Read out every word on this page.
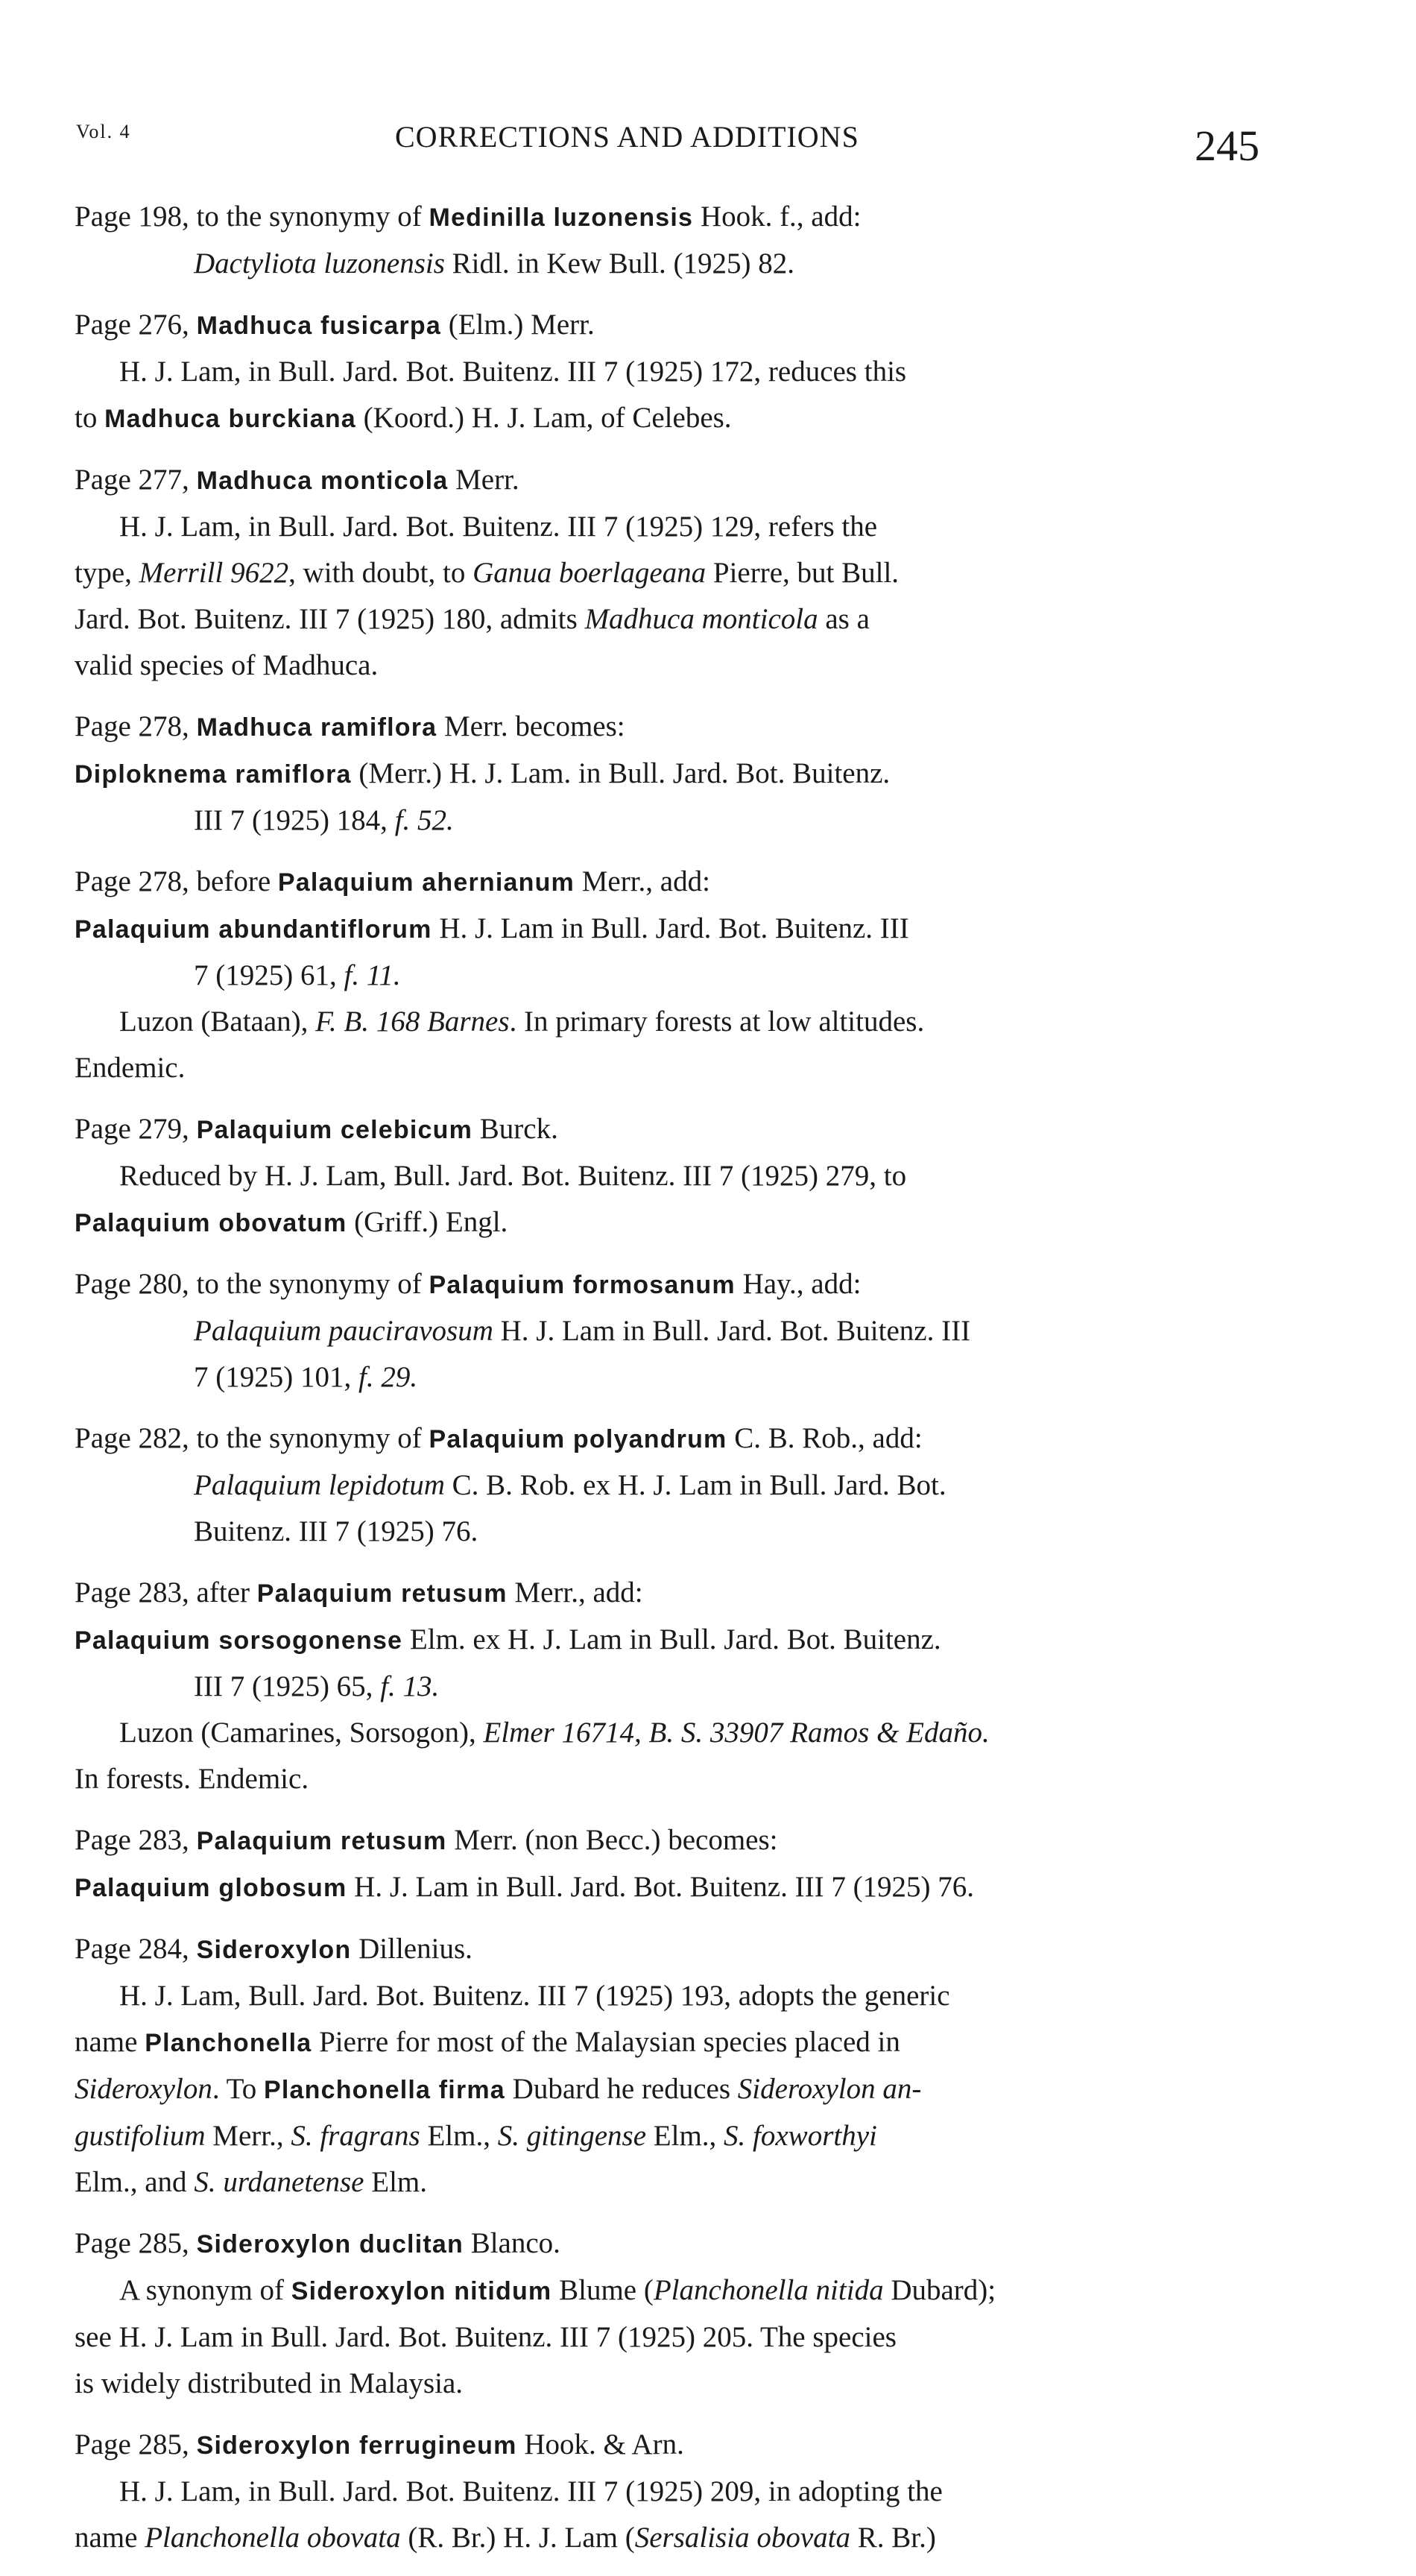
Vol. 4	CORRECTIONS AND ADDITIONS	245
Page 198, to the synonymy of Medinilla luzonensis Hook. f., add:
Dactyliota luzonensis Ridl. in Kew Bull. (1925) 82.
Page 276, Madhuca fusicarpa (Elm.) Merr.
H. J. Lam, in Bull. Jard. Bot. Buitenz. III 7 (1925) 172, reduces this
to Madhuca burckiana (Koord.) H. J. Lam, of Celebes.
Page 277, Madhuca monticola Merr.
H. J. Lam, in Bull. Jard. Bot. Buitenz. III 7 (1925) 129, refers the
type, Merrill 9622, with doubt, to Ganua boerlageana Pierre, but Bull.
Jard. Bot. Buitenz. III 7 (1925) 180, admits Madhuca monticola as a
valid species of Madhuca.
Page 278, Madhuca ramiflora Merr. becomes:
Diploknema ramiflora (Merr.) H. J. Lam. in Bull. Jard. Bot. Buitenz.
III 7 (1925) 184, f. 52.
Page 278, before Palaquium ahernianum Merr., add:
Palaquium abundantiflorum H. J. Lam in Bull. Jard. Bot. Buitenz. III
7 (1925) 61, f. 11.
Luzon (Bataan), F. B. 168 Barnes. In primary forests at low altitudes.
Endemic.
Page 279, Palaquium celebicum Burck.
Reduced by H. J. Lam, Bull. Jard. Bot. Buitenz. III 7 (1925) 279, to
Palaquium obovatum (Griff.) Engl.
Page 280, to the synonymy of Palaquium formosanum Hay., add:
Palaquium pauciravosum H. J. Lam in Bull. Jard. Bot. Buitenz. III
7 (1925) 101, f. 29.
Page 282, to the synonymy of Palaquium polyandrum C. B. Rob., add:
Palaquium lepidotum C. B. Rob. ex H. J. Lam in Bull. Jard. Bot.
Buitenz. III 7 (1925) 76.
Page 283, after Palaquium retusum Merr., add:
Palaquium sorsogonense Elm. ex H. J. Lam in Bull. Jard. Bot. Buitenz.
III 7 (1925) 65, f. 13.
Luzon (Camarines, Sorsogon), Elmer 16714, B. S. 33907 Ramos & Edaño.
In forests. Endemic.
Page 283, Palaquium retusum Merr. (non Becc.) becomes:
Palaquium globosum H. J. Lam in Bull. Jard. Bot. Buitenz. III 7 (1925) 76.
Page 284, Sideroxylon Dillenius.
H. J. Lam, Bull. Jard. Bot. Buitenz. III 7 (1925) 193, adopts the generic
name Planchonella Pierre for most of the Malaysian species placed in
Sideroxylon. To Planchonella firma Dubard he reduces Sideroxylon an-
gustifolium Merr., S. fragrans Elm., S. gitingense Elm., S. foxworthyi
Elm., and S. urdanetense Elm.
Page 285, Sideroxylon duclitan Blanco.
A synonym of Sideroxylon nitidum Blume (Planchonella nitida Dubard);
see H. J. Lam in Bull. Jard. Bot. Buitenz. III 7 (1925) 205. The species
is widely distributed in Malaysia.
Page 285, Sideroxylon ferrugineum Hook. & Arn.
H. J. Lam, in Bull. Jard. Bot. Buitenz. III 7 (1925) 209, in adopting the
name Planchonella obovata (R. Br.) H. J. Lam (Sersalisia obovata R. Br.)
